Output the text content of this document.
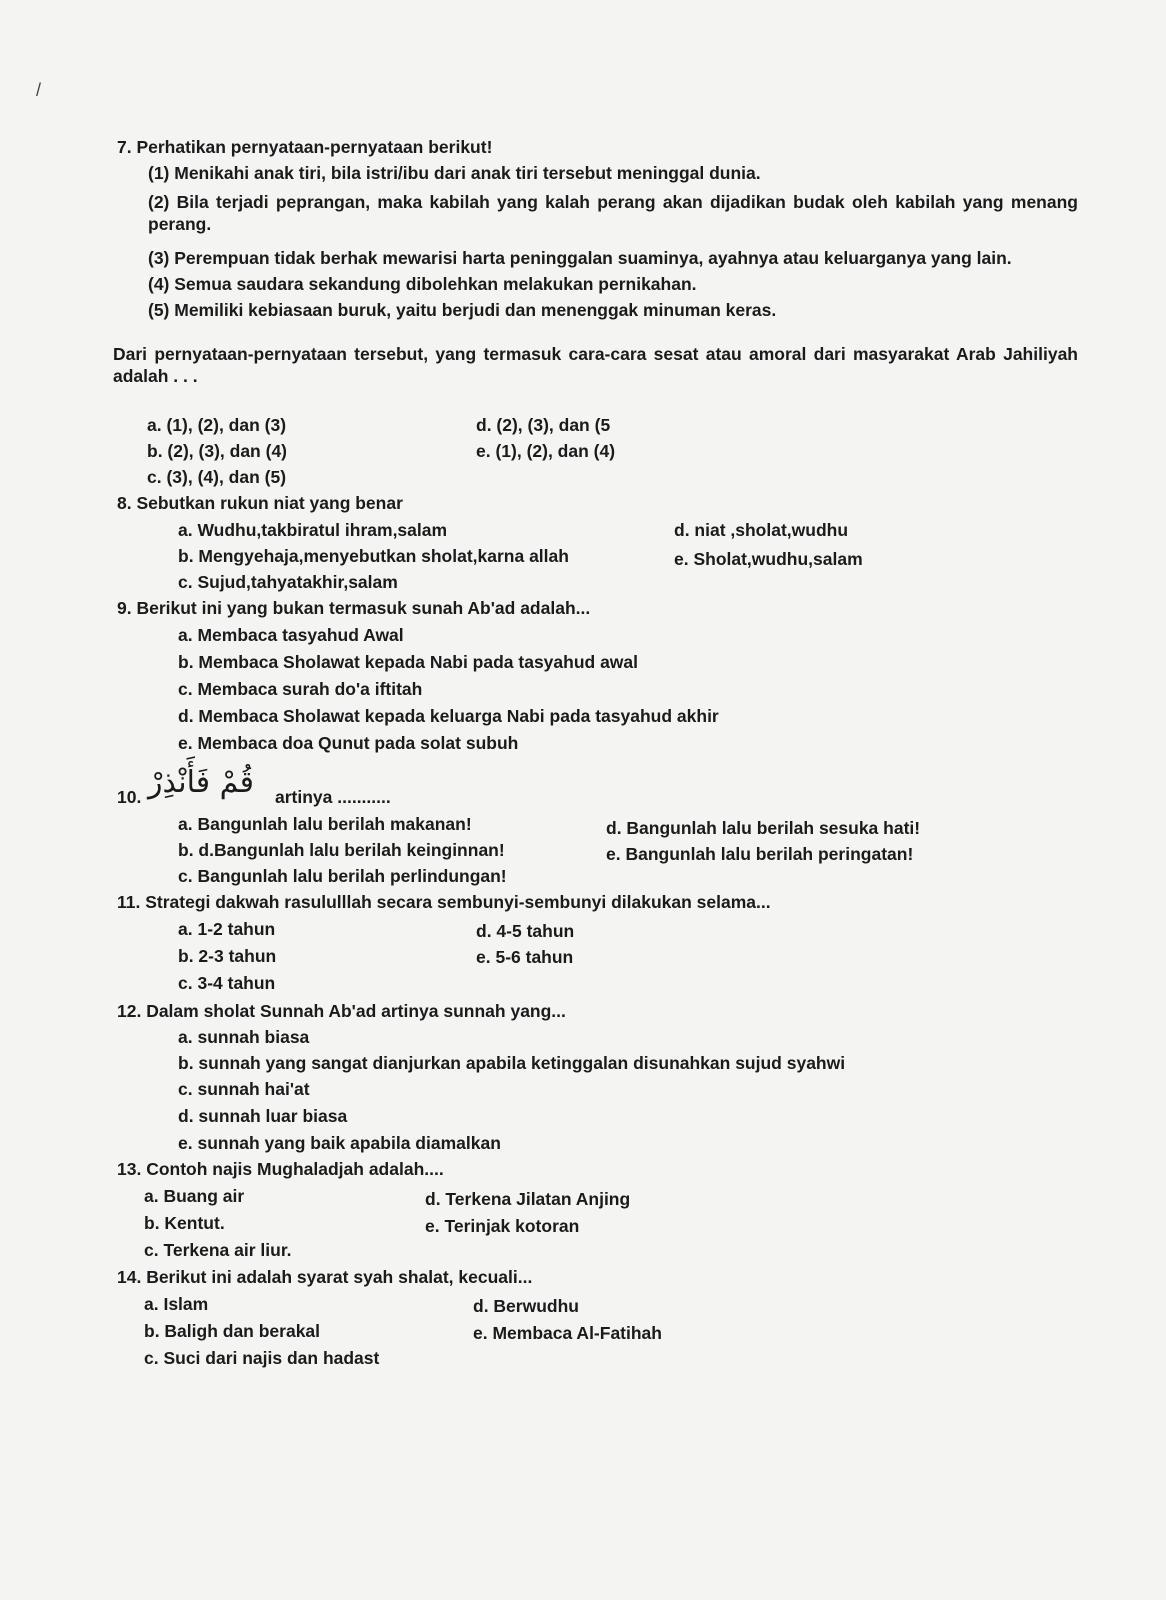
/
7. Perhatikan pernyataan-pernyataan berikut!
(1) Menikahi anak tiri, bila istri/ibu dari anak tiri tersebut meninggal dunia.
(2) Bila terjadi peprangan, maka kabilah yang kalah perang akan dijadikan budak oleh kabilah yang menang perang.
(3) Perempuan tidak berhak mewarisi harta peninggalan suaminya, ayahnya atau keluarganya yang lain.
(4) Semua saudara sekandung dibolehkan melakukan pernikahan.
(5) Memiliki kebiasaan buruk, yaitu berjudi dan menenggak minuman keras.
Dari pernyataan-pernyataan tersebut, yang termasuk cara-cara sesat atau amoral dari masyarakat Arab Jahiliyah adalah . . .
a. (1), (2), dan (3)
b. (2), (3), dan (4)
c. (3), (4), dan (5)
d. (2), (3), dan (5
e. (1), (2), dan (4)
8. Sebutkan rukun niat yang benar
a. Wudhu,takbiratul ihram,salam
b. Mengyehaja,menyebutkan sholat,karna allah
c. Sujud,tahyatakhir,salam
d. niat ,sholat,wudhu
e. Sholat,wudhu,salam
9. Berikut ini yang bukan termasuk sunah Ab'ad adalah...
a. Membaca tasyahud Awal
b. Membaca Sholawat kepada Nabi pada tasyahud awal
c. Membaca surah do'a iftitah
d. Membaca Sholawat kepada keluarga Nabi pada tasyahud akhir
e. Membaca doa Qunut pada solat subuh
10. قُمْ فَأَنْذِرْ artinya ...........
a. Bangunlah lalu berilah makanan!
b. d.Bangunlah lalu berilah keinginnan!
c. Bangunlah lalu berilah perlindungan!
d. Bangunlah lalu berilah sesuka hati!
e. Bangunlah lalu berilah peringatan!
11. Strategi dakwah rasululllah secara sembunyi-sembunyi dilakukan selama...
a. 1-2 tahun
b. 2-3 tahun
c. 3-4 tahun
d. 4-5 tahun
e. 5-6 tahun
12. Dalam sholat Sunnah Ab'ad artinya sunnah yang...
a. sunnah biasa
b. sunnah yang sangat dianjurkan apabila ketinggalan disunahkan sujud syahwi
c. sunnah hai'at
d. sunnah luar biasa
e. sunnah yang baik apabila diamalkan
13. Contoh najis Mughaladjah adalah....
a. Buang air
b. Kentut.
c. Terkena air liur.
d. Terkena Jilatan Anjing
e. Terinjak kotoran
14. Berikut ini adalah syarat syah shalat, kecuali...
a. Islam
b. Baligh dan berakal
c. Suci dari najis dan hadast
d. Berwudhu
e. Membaca Al-Fatihah
